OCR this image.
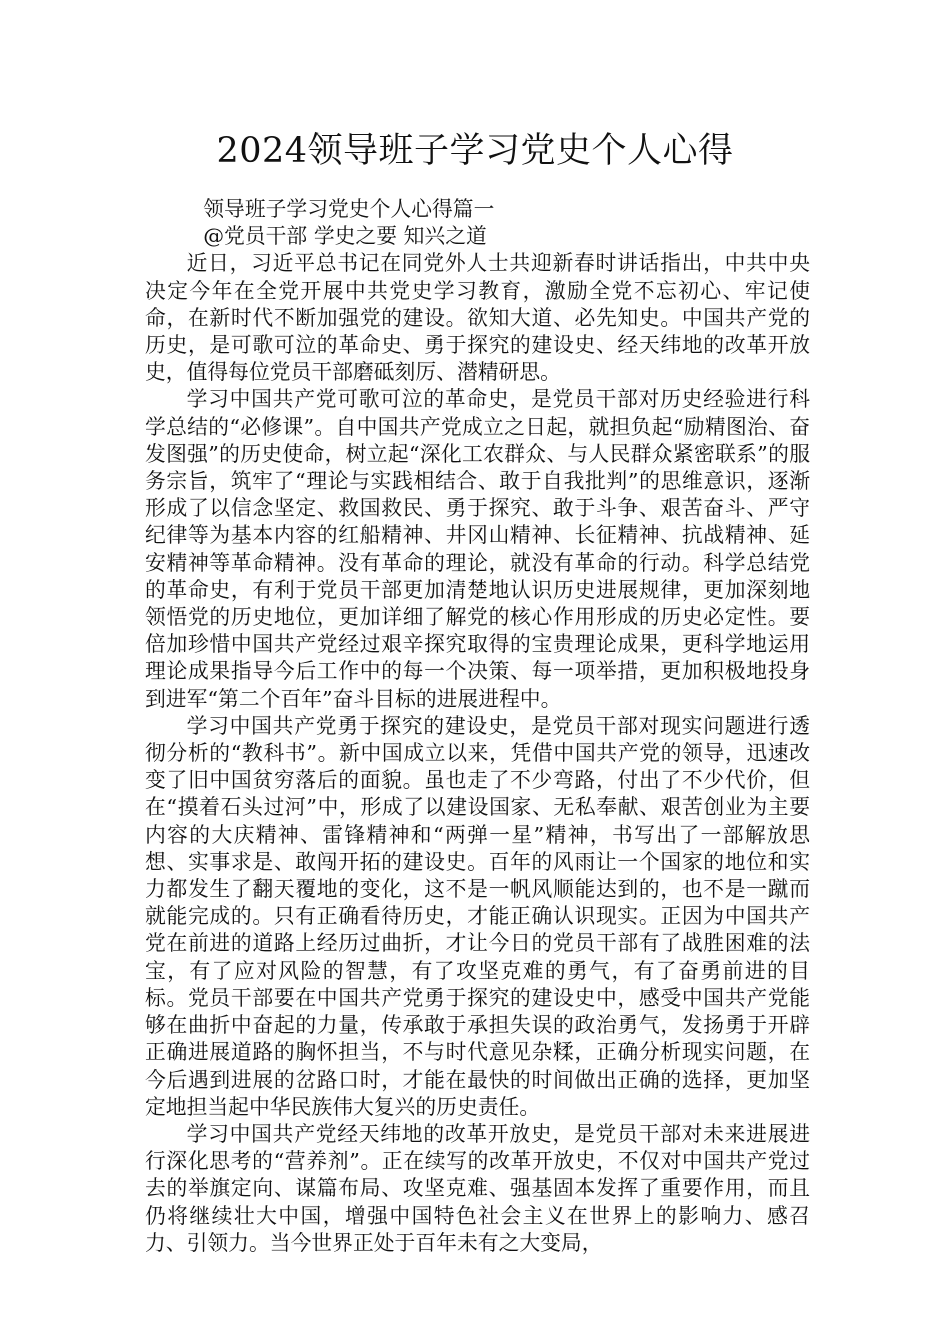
2024领导班子学习党史个人心得

领导班子学习党史个人心得篇一

@党员干部 学史之要 知兴之道

近日，习近平总书记在同党外人士共迎新春时讲话指出，中共中央决定今年在全党开展中共党史学习教育，激励全党不忘初心、牢记使命，在新时代不断加强党的建设。欲知大道、必先知史。中国共产党的历史，是可歌可泣的革命史、勇于探究的建设史、经天纬地的改革开放史，值得每位党员干部磨砥刻厉、潜精研思。

学习中国共产党可歌可泣的革命史，是党员干部对历史经验进行科学总结的“必修课”。自中国共产党成立之日起，就担负起“励精图治、奋发图强”的历史使命，树立起“深化工农群众、与人民群众紧密联系”的服务宗旨，筑牢了“理论与实践相结合、敢于自我批判”的思维意识，逐渐形成了以信念坚定、救国救民、勇于探究、敢于斗争、艰苦奋斗、严守纪律等为基本内容的红船精神、井冈山精神、长征精神、抗战精神、延安精神等革命精神。没有革命的理论，就没有革命的行动。科学总结党的革命史，有利于党员干部更加清楚地认识历史进展规律，更加深刻地领悟党的历史地位，更加详细了解党的核心作用形成的历史必定性。要倍加珍惜中国共产党经过艰辛探究取得的宝贵理论成果，更科学地运用理论成果指导今后工作中的每一个决策、每一项举措，更加积极地投身到进军“第二个百年”奋斗目标的进展进程中。

学习中国共产党勇于探究的建设史，是党员干部对现实问题进行透彻分析的“教科书”。新中国成立以来，凭借中国共产党的领导，迅速改变了旧中国贫穷落后的面貌。虽也走了不少弯路，付出了不少代价，但在“摸着石头过河”中，形成了以建设国家、无私奉献、艰苦创业为主要内容的大庆精神、雷锋精神和“两弹一星”精神，书写出了一部解放思想、实事求是、敢闯开拓的建设史。百年的风雨让一个国家的地位和实力都发生了翻天覆地的变化，这不是一帆风顺能达到的，也不是一蹴而就能完成的。只有正确看待历史，才能正确认识现实。正因为中国共产党在前进的道路上经历过曲折，才让今日的党员干部有了战胜困难的法宝，有了应对风险的智慧，有了攻坚克难的勇气，有了奋勇前进的目标。党员干部要在中国共产党勇于探究的建设史中，感受中国共产党能够在曲折中奋起的力量，传承敢于承担失误的政治勇气，发扬勇于开辟正确进展道路的胸怀担当，不与时代意见杂糅，正确分析现实问题，在今后遇到进展的岔路口时，才能在最快的时间做出正确的选择，更加坚定地担当起中华民族伟大复兴的历史责任。

学习中国共产党经天纬地的改革开放史，是党员干部对未来进展进行深化思考的“营养剂”。正在续写的改革开放史，不仅对中国共产党过去的举旗定向、谋篇布局、攻坚克难、强基固本发挥了重要作用，而且仍将继续壮大中国，增强中国特色社会主义在世界上的影响力、感召力、引领力。当今世界正处于百年未有之大变局，
